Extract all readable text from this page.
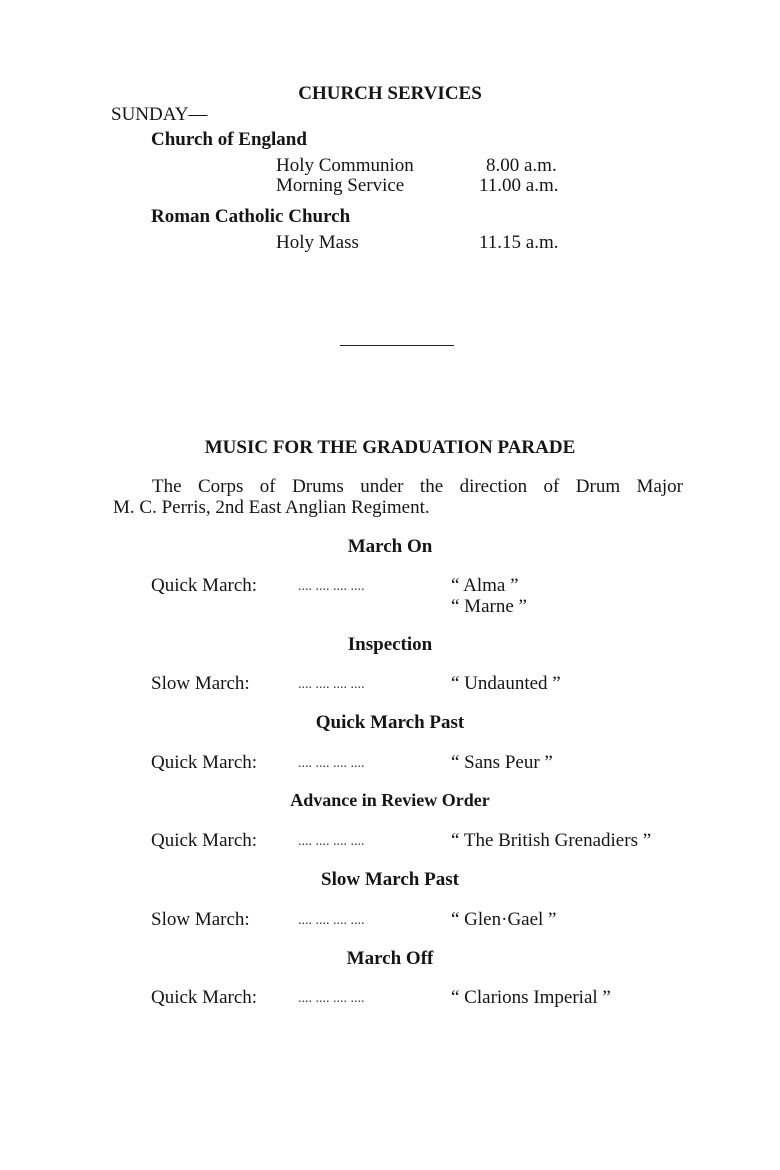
CHURCH SERVICES
SUNDAY—
Church of England
Holy Communion	8.00 a.m.
Morning Service	11.00 a.m.
Roman Catholic Church
Holy Mass	11.15 a.m.
MUSIC FOR THE GRADUATION PARADE
The Corps of Drums under the direction of Drum Major
M. C. Perris, 2nd East Anglian Regiment.
March On
Quick March:	.... .... .... ....	“ Alma ”
“ Marne ”
Inspection
Slow March:	.... .... .... ....	“ Undaunted ”
Quick March Past
Quick March:	.... .... .... ....	“ Sans Peur ”
Advance in Review Order
Quick March:	.... .... .... ....	“ The British Grenadiers ”
Slow March Past
Slow March:	.... .... .... ....	“ Glen·Gael ”
March Off
Quick March:	.... .... .... ....	“ Clarions Imperial ”
